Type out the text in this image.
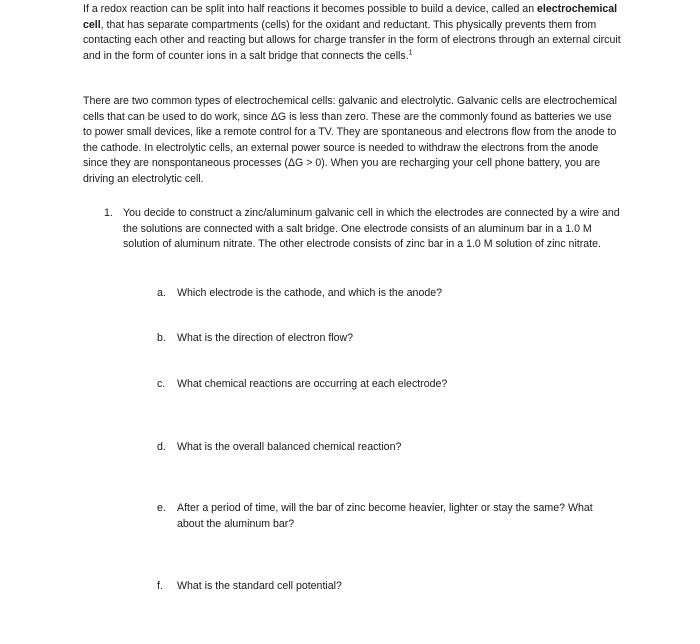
If a redox reaction can be split into half reactions it becomes possible to build a device, called an electrochemical cell, that has separate compartments (cells) for the oxidant and reductant. This physically prevents them from contacting each other and reacting but allows for charge transfer in the form of electrons through an external circuit and in the form of counter ions in a salt bridge that connects the cells.$^1$

There are two common types of electrochemical cells: galvanic and electrolytic. Galvanic cells are electrochemical cells that can be used to do work, since ΔG is less than zero. These are the commonly found as batteries we use to power small devices, like a remote control for a TV. They are spontaneous and electrons flow from the anode to the cathode. In electrolytic cells, an external power source is needed to withdraw the electrons from the anode since they are nonspontaneous processes (ΔG > 0). When you are recharging your cell phone battery, you are driving an electrolytic cell.

1. You decide to construct a zinc/aluminum galvanic cell in which the electrodes are connected by a wire and the solutions are connected with a salt bridge. One electrode consists of an aluminum bar in a 1.0 M solution of aluminum nitrate. The other electrode consists of zinc bar in a 1.0 M solution of zinc nitrate.
a. Which electrode is the cathode, and which is the anode?
b. What is the direction of electron flow?
c. What chemical reactions are occurring at each electrode?
d. What is the overall balanced chemical reaction?
e. After a period of time, will the bar of zinc become heavier, lighter or stay the same? What about the aluminum bar?
f. What is the standard cell potential?
